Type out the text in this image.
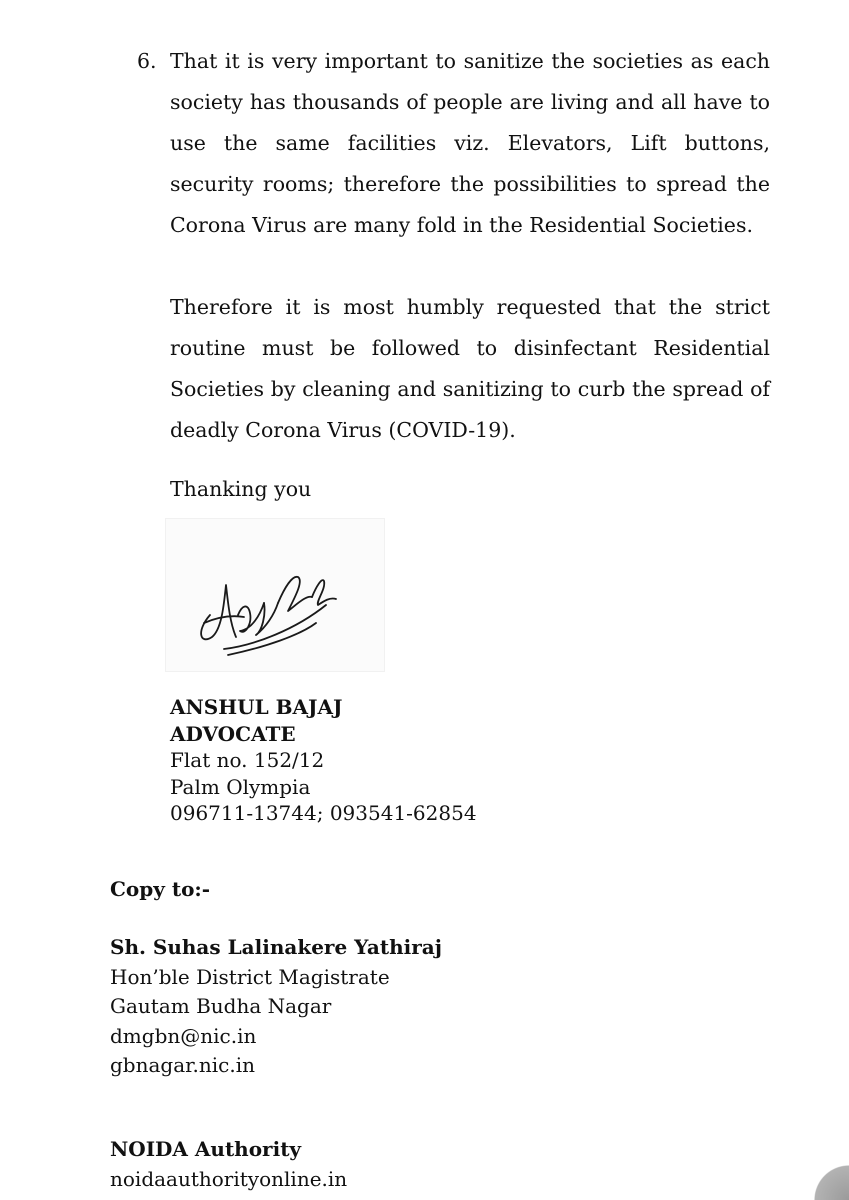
6. That it is very important to sanitize the societies as each society has thousands of people are living and all have to use the same facilities viz. Elevators, Lift buttons, security rooms; therefore the possibilities to spread the Corona Virus are many fold in the Residential Societies.
Therefore it is most humbly requested that the strict routine must be followed to disinfectant Residential Societies by cleaning and sanitizing to curb the spread of deadly Corona Virus (COVID-19).
Thanking you
ANSHUL BAJAJ
ADVOCATE
Flat no. 152/12
Palm Olympia
096711-13744; 093541-62854
Copy to:-
Sh. Suhas Lalinakere Yathiraj
Hon’ble District Magistrate
Gautam Budha Nagar
dmgbn@nic.in
gbnagar.nic.in
NOIDA Authority
noidaauthorityonline.in
